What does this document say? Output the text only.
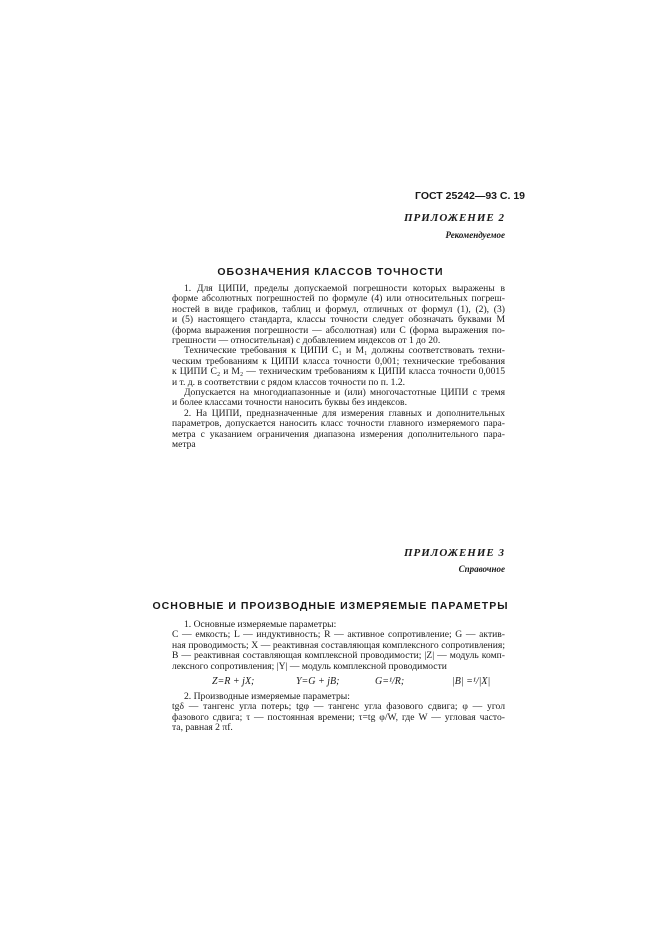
ГОСТ 25242—93 С. 19
ПРИЛОЖЕНИЕ 2
Рекомендуемое
ОБОЗНАЧЕНИЯ КЛАССОВ ТОЧНОСТИ
1. Для ЦИПИ, пределы допускаемой погрешности которых выражены в
форме абсолютных погрешностей по формуле (4) или относительных погреш-
ностей в виде графиков, таблиц и формул, отличных от формул (1), (2), (3)
и (5) настоящего стандарта, классы точности следует обозначать буквами M
(форма выражения погрешности — абсолютная) или C (форма выражения по-
грешности — относительная) с добавлением индексов от 1 до 20.
Технические требования к ЦИПИ C₁ и M₁ должны соответствовать техни-
ческим требованиям к ЦИПИ класса точности 0,001; технические требования
к ЦИПИ C₂ и M₂ — техническим требованиям к ЦИПИ класса точности 0,0015
и т. д. в соответствии с рядом классов точности по п. 1.2.
Допускается на многодиапазонные и (или) многочастотные ЦИПИ с тремя
и более классами точности наносить буквы без индексов.
2. На ЦИПИ, предназначенные для измерения главных и дополнительных
параметров, допускается наносить класс точности главного измеряемого пара-
метра с указанием ограничения диапазона измерения дополнительного пара-
метра
ПРИЛОЖЕНИЕ 3
Справочное
ОСНОВНЫЕ И ПРОИЗВОДНЫЕ ИЗМЕРЯЕМЫЕ ПАРАМЕТРЫ
1. Основные измеряемые параметры:
C — емкость; L — индуктивность; R — активное сопротивление; G — актив-
ная проводимость; X — реактивная составляющая комплексного сопротивления;
B — реактивная составляющая комплексной проводимости; |Z| — модуль комп-
лексного сопротивления; |Y| — модуль комплексной проводимости
Z=R + jX;	Y=G + jB;	G=¹/R;	|B| =¹/|X|
2. Производные измеряемые параметры:
tgδ — тангенс угла потерь; tgφ — тангенс угла фазового сдвига; φ — угол
фазового сдвига; τ — постоянная времени; τ=tg φ/W, где W — угловая часто-
та, равная 2 πf.
